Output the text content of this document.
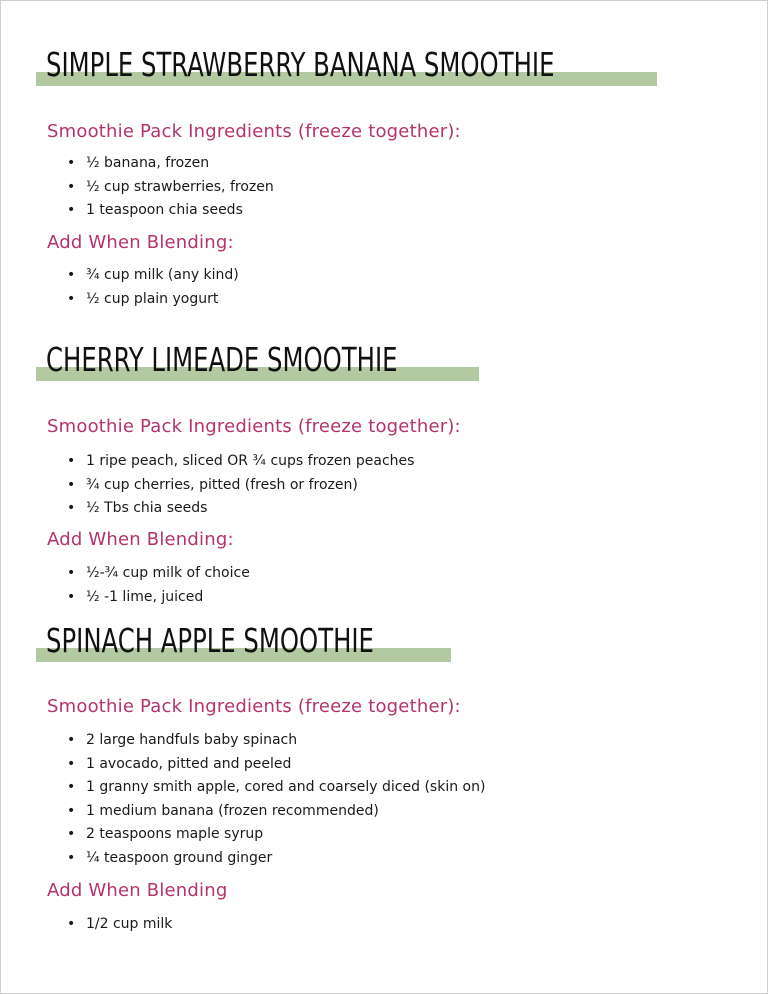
SIMPLE STRAWBERRY BANANA SMOOTHIE
Smoothie Pack Ingredients (freeze together):
• ½ banana, frozen
• ½ cup strawberries, frozen
• 1 teaspoon chia seeds
Add When Blending:
• ¾ cup milk (any kind)
• ½ cup plain yogurt
CHERRY LIMEADE SMOOTHIE
Smoothie Pack Ingredients (freeze together):
• 1 ripe peach, sliced OR ¾ cups frozen peaches
• ¾ cup cherries, pitted (fresh or frozen)
• ½ Tbs chia seeds
Add When Blending:
• ½-¾ cup milk of choice
• ½ -1 lime, juiced
SPINACH APPLE SMOOTHIE
Smoothie Pack Ingredients (freeze together):
• 2 large handfuls baby spinach
• 1 avocado, pitted and peeled
• 1 granny smith apple, cored and coarsely diced (skin on)
• 1 medium banana (frozen recommended)
• 2 teaspoons maple syrup
• ¼ teaspoon ground ginger
Add When Blending
• 1/2 cup milk
